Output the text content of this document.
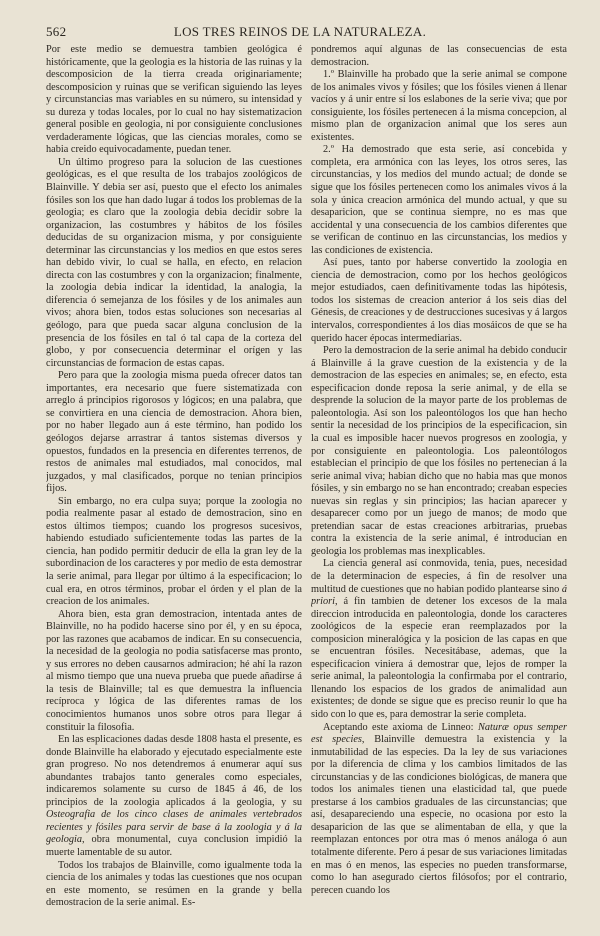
562	LOS TRES REINOS DE LA NATURALEZA.

Por este medio se demuestra tambien geológica é históricamente, que la geologia es la historia de las ruinas y la descomposicion de la tierra creada originariamente; descomposicion y ruinas que se verifican siguiendo las leyes y circunstancias mas variables en su número, su intensidad y su dureza y todas locales, por lo cual no hay sistematizacion general posible en geologia, ni por consiguiente conclusiones verdaderamente lógicas, que las ciencias morales, como se habia creido equivocadamente, puedan tener.

Un último progreso para la solucion de las cuestiones geológicas, es el que resulta de los trabajos zoológicos de Blainville. Y debia ser así, puesto que el efecto los animales fósiles son los que han dado lugar á todos los problemas de la geologia; es claro que la zoologia debia decidir sobre la organizacion, las costumbres y hábitos de los fósiles deducidas de su organizacion misma, y por consiguiente determinar las circunstancias y los medios en que estos seres han debido vivir, lo cual se halla, en efecto, en relacion directa con las costumbres y con la organizacion; finalmente, la zoologia debia indicar la identidad, la analogia, la diferencia ó semejanza de los fósiles y de los animales aun vivos; ahora bien, todos estas soluciones son necesarias al geólogo, para que pueda sacar alguna conclusion de la presencia de los fósiles en tal ó tal capa de la corteza del globo, y por consecuencia determinar el orígen y las circunstancias de formacion de estas capas.

Pero para que la zoologia misma pueda ofrecer datos tan importantes, era necesario que fuere sistematizada con arreglo á principios rigorosos y lógicos; en una palabra, que se convirtiera en una ciencia de demostracion. Ahora bien, por no haber llegado aun á este término, han podido los geólogos dejarse arrastrar á tantos sistemas diversos y opuestos, fundados en la presencia en diferentes terrenos, de restos de animales mal estudiados, mal conocidos, mal juzgados, y mal clasificados, porque no tenian principios fijos.

Sin embargo, no era culpa suya; porque la zoologia no podia realmente pasar al estado de demostracion, sino en estos últimos tiempos; cuando los progresos sucesivos, habiendo estudiado suficientemente todas las partes de la ciencia, han podido permitir deducir de ella la gran ley de la subordinacion de los caracteres y por medio de esta demostrar la serie animal, para llegar por último á la especificacion; lo cual era, en otros términos, probar el órden y el plan de la creacion de los animales.

Ahora bien, esta gran demostracion, intentada antes de Blainville, no ha podido hacerse sino por él, y en su época, por las razones que acabamos de indicar. En su consecuencia, la necesidad de la geologia no podia satisfacerse mas pronto, y sus errores no deben causarnos admiracion; hé ahí la razon al mismo tiempo que una nueva prueba que puede añadirse á la tesis de Blainville; tal es que demuestra la influencia recíproca y lógica de las diferentes ramas de los conocimientos humanos unos sobre otros para llegar á constituir la filosofia.

En las esplicaciones dadas desde 1808 hasta el presente, es donde Blainville ha elaborado y ejecutado especialmente este gran progreso. No nos detendremos á enumerar aquí sus abundantes trabajos tanto generales como especiales, indicaremos solamente su curso de 1845 á 46, de los principios de la zoologia aplicados á la geologia, y su Osteografia de los cinco clases de animales vertebrados recientes y fósiles para servir de base á la zoologia y á la geologia, obra monumental, cuya conclusion impidió la muerte lamentable de su autor.

Todos los trabajos de Blainville, como igualmente toda la ciencia de los animales y todas las cuestiones que nos ocupan en este momento, se resúmen en la grande y bella demostracion de la serie animal. Es-

pondremos aquí algunas de las consecuencias de esta demostracion.

1.º Blainville ha probado que la serie animal se compone de los animales vivos y fósiles; que los fósiles vienen á llenar vacíos y á unir entre sí los eslabones de la serie viva; que por consiguiente, los fósiles pertenecen á la misma concepcion, al mismo plan de organizacion animal que los seres aun existentes.

2.º Ha demostrado que esta serie, así concebida y completa, era armónica con las leyes, los otros seres, las circunstancias, y los medios del mundo actual; de donde se sigue que los fósiles pertenecen como los animales vivos á la sola y única creacion armónica del mundo actual, y que su desaparicion, que se continua siempre, no es mas que accidental y una consecuencia de los cambios diferentes que se verifican de continuo en las circunstancias, los medios y las condiciones de existencia.

Así pues, tanto por haberse convertido la zoologia en ciencia de demostracion, como por los hechos geológicos mejor estudiados, caen definitivamente todas las hipótesis, todos los sistemas de creacion anterior á los seis dias del Génesis, de creaciones y de destrucciones sucesivas y á largos intervalos, correspondientes á los dias mosáicos de que se ha querido hacer épocas intermediarias.

Pero la demostracion de la serie animal ha debido conducir á Blainville á la grave cuestion de la existencia y de la demostracion de las especies en animales; se, en efecto, esta especificacion donde reposa la serie animal, y de ella se desprende la solucion de la mayor parte de los problemas de paleontologia. Así son los paleontólogos los que han hecho sentir la necesidad de los principios de la especificacion, sin la cual es imposible hacer nuevos progresos en zoologia, y por consiguiente en paleontologia. Los paleontólogos establecian el principio de que los fósiles no pertenecian á la serie animal viva; habian dicho que no habia mas que monos fósiles, y sin embargo no se han encontrado; creaban especies nuevas sin reglas y sin principios; las hacian aparecer y desaparecer como por un juego de manos; de modo que pretendian sacar de estas creaciones arbitrarias, pruebas contra la existencia de la serie animal, é introducian en geologia los problemas mas inexplicables.

La ciencia general así conmovida, tenia, pues, necesidad de la determinacion de especies, á fin de resolver una multitud de cuestiones que no habian podido plantearse sino á priori, á fin tambien de detener los excesos de la mala direccion introducida en paleontologia, donde los caracteres zoológicos de la especie eran reemplazados por la composicion mineralógica y la posicion de las capas en que se encuentran fósiles. Necesitábase, ademas, que la especificacion viniera á demostrar que, lejos de romper la serie animal, la paleontologia la confirmaba por el contrario, llenando los espacios de los grados de animalidad aun existentes; de donde se sigue que es preciso reunir lo que ha sido con lo que es, para demostrar la serie completa.

Aceptando este axioma de Linneo: Naturæ opus semper est species, Blainville demuestra la existencia y la inmutabilidad de las especies. Da la ley de sus variaciones por la diferencia de clima y los cambios limitados de las circunstancias y de las condiciones biológicas, de manera que todos los animales tienen una elasticidad tal, que puede prestarse á los cambios graduales de las circunstancias; que así, desapareciendo una especie, no ocasiona por esto la desaparicion de las que se alimentaban de ella, y que la reemplazan entonces por otra mas ó menos análoga ó aun totalmente diferente. Pero á pesar de sus variaciones limitadas en mas ó en menos, las especies no pueden transformarse, como lo han asegurado ciertos filósofos; por el contrario, perecen cuando los
